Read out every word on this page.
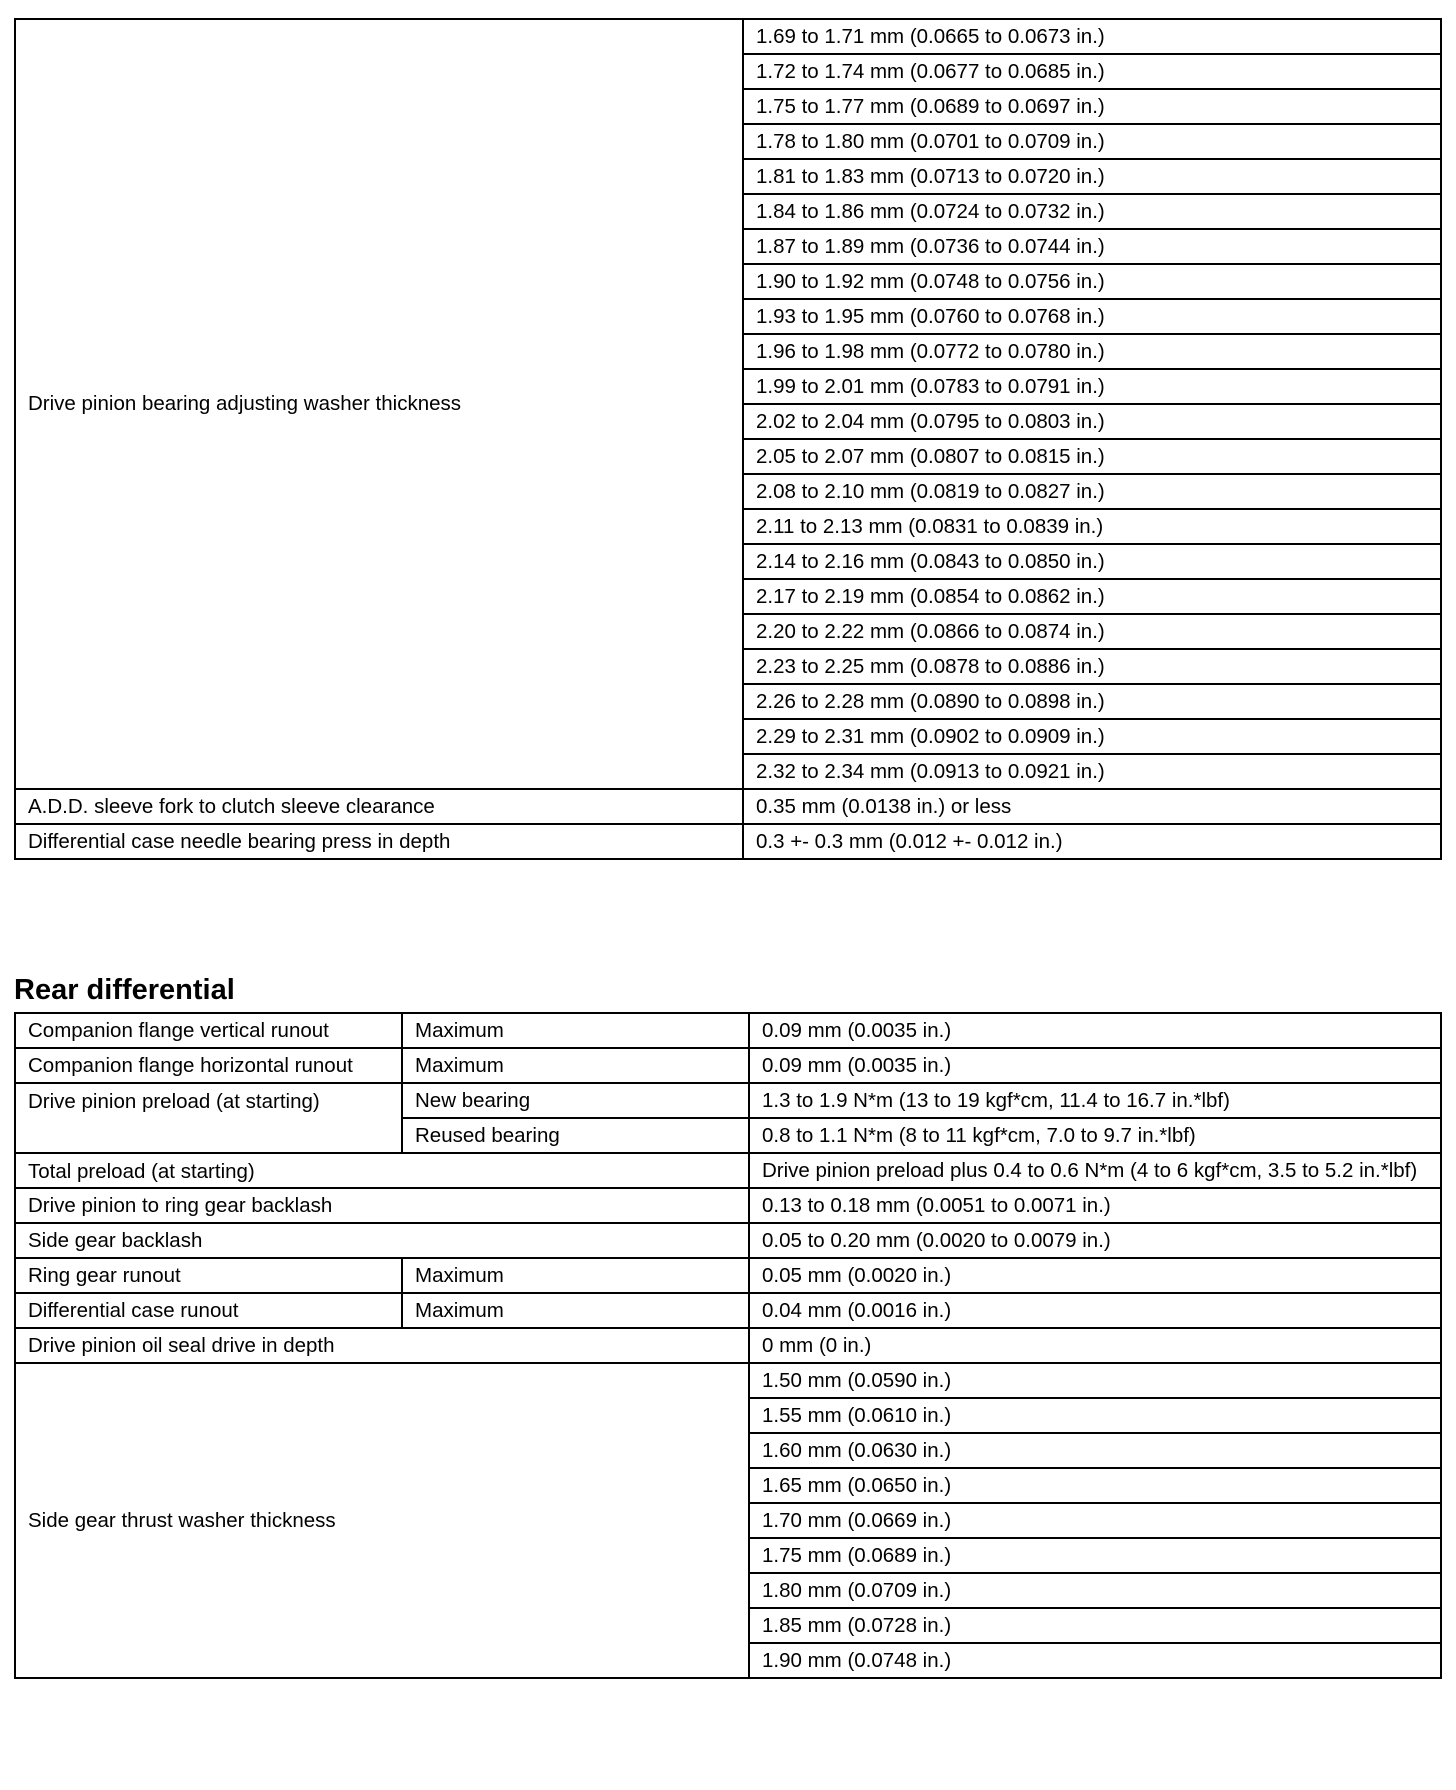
Drive pinion bearing adjusting washer thickness	1.69 to 1.71 mm (0.0665 to 0.0673 in.)
	1.72 to 1.74 mm (0.0677 to 0.0685 in.)
	1.75 to 1.77 mm (0.0689 to 0.0697 in.)
	1.78 to 1.80 mm (0.0701 to 0.0709 in.)
	1.81 to 1.83 mm (0.0713 to 0.0720 in.)
	1.84 to 1.86 mm (0.0724 to 0.0732 in.)
	1.87 to 1.89 mm (0.0736 to 0.0744 in.)
	1.90 to 1.92 mm (0.0748 to 0.0756 in.)
	1.93 to 1.95 mm (0.0760 to 0.0768 in.)
	1.96 to 1.98 mm (0.0772 to 0.0780 in.)
	1.99 to 2.01 mm (0.0783 to 0.0791 in.)
	2.02 to 2.04 mm (0.0795 to 0.0803 in.)
	2.05 to 2.07 mm (0.0807 to 0.0815 in.)
	2.08 to 2.10 mm (0.0819 to 0.0827 in.)
	2.11 to 2.13 mm (0.0831 to 0.0839 in.)
	2.14 to 2.16 mm (0.0843 to 0.0850 in.)
	2.17 to 2.19 mm (0.0854 to 0.0862 in.)
	2.20 to 2.22 mm (0.0866 to 0.0874 in.)
	2.23 to 2.25 mm (0.0878 to 0.0886 in.)
	2.26 to 2.28 mm (0.0890 to 0.0898 in.)
	2.29 to 2.31 mm (0.0902 to 0.0909 in.)
	2.32 to 2.34 mm (0.0913 to 0.0921 in.)
A.D.D. sleeve fork to clutch sleeve clearance	0.35 mm (0.0138 in.) or less
Differential case needle bearing press in depth	0.3 +- 0.3 mm (0.012 +- 0.012 in.)
Rear differential
Companion flange vertical runout	Maximum	0.09 mm (0.0035 in.)
Companion flange horizontal runout	Maximum	0.09 mm (0.0035 in.)
Drive pinion preload (at starting)	New bearing	1.3 to 1.9 N*m (13 to 19 kgf*cm, 11.4 to 16.7 in.*lbf)
	Reused bearing	0.8 to 1.1 N*m (8 to 11 kgf*cm, 7.0 to 9.7 in.*lbf)
Total preload (at starting)		Drive pinion preload plus 0.4 to 0.6 N*m (4 to 6 kgf*cm, 3.5 to 5.2 in.*lbf)
Drive pinion to ring gear backlash		0.13 to 0.18 mm (0.0051 to 0.0071 in.)
Side gear backlash		0.05 to 0.20 mm (0.0020 to 0.0079 in.)
Ring gear runout	Maximum	0.05 mm (0.0020 in.)
Differential case runout	Maximum	0.04 mm (0.0016 in.)
Drive pinion oil seal drive in depth		0 mm (0 in.)
Side gear thrust washer thickness		1.50 mm (0.0590 in.)
		1.55 mm (0.0610 in.)
		1.60 mm (0.0630 in.)
		1.65 mm (0.0650 in.)
		1.70 mm (0.0669 in.)
		1.75 mm (0.0689 in.)
		1.80 mm (0.0709 in.)
		1.85 mm (0.0728 in.)
		1.90 mm (0.0748 in.)
